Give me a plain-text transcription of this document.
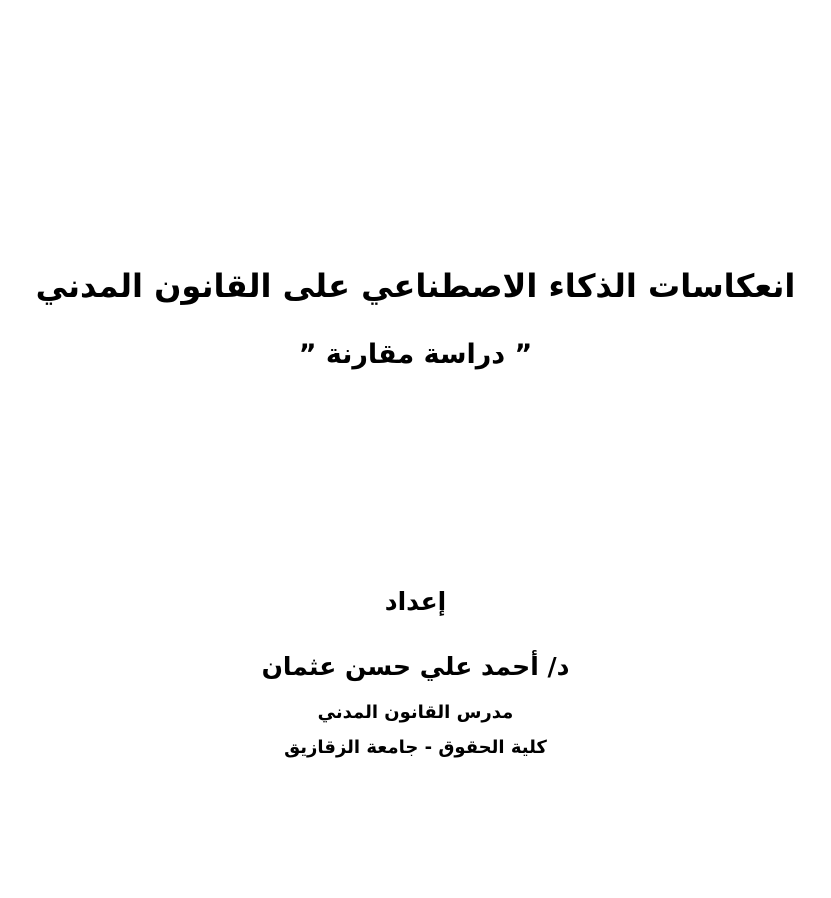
انعكاسات الذكاء الاصطناعي على القانون المدني
” دراسة مقارنة ”
إعداد
د/ أحمد علي حسن عثمان
مدرس القانون المدني
كلية الحقوق - جامعة الزقازيق
